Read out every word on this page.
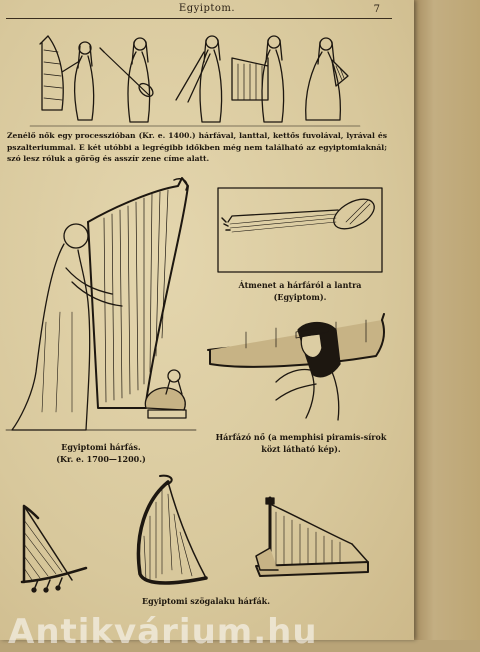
Egyiptom.	7
Zenélő nők egy processzióban (Kr. e. 1400.) hárfával, lanttal, kettős fuvolával, lyrával és pszalteriummal. E két utóbbi a legrégibb időkben még nem található az egyiptomiaknál; szó lesz róluk a görög és asszír zene címe alatt.
Átmenet a hárfáról a lantra
(Egyiptom).
Egyiptomi hárfás.
(Kr. e. 1700—1200.)
Hárfázó nő (a memphisi piramis-sírok
közt látható kép).
Egyiptomi szögalaku hárfák.
Antikvárium.hu
